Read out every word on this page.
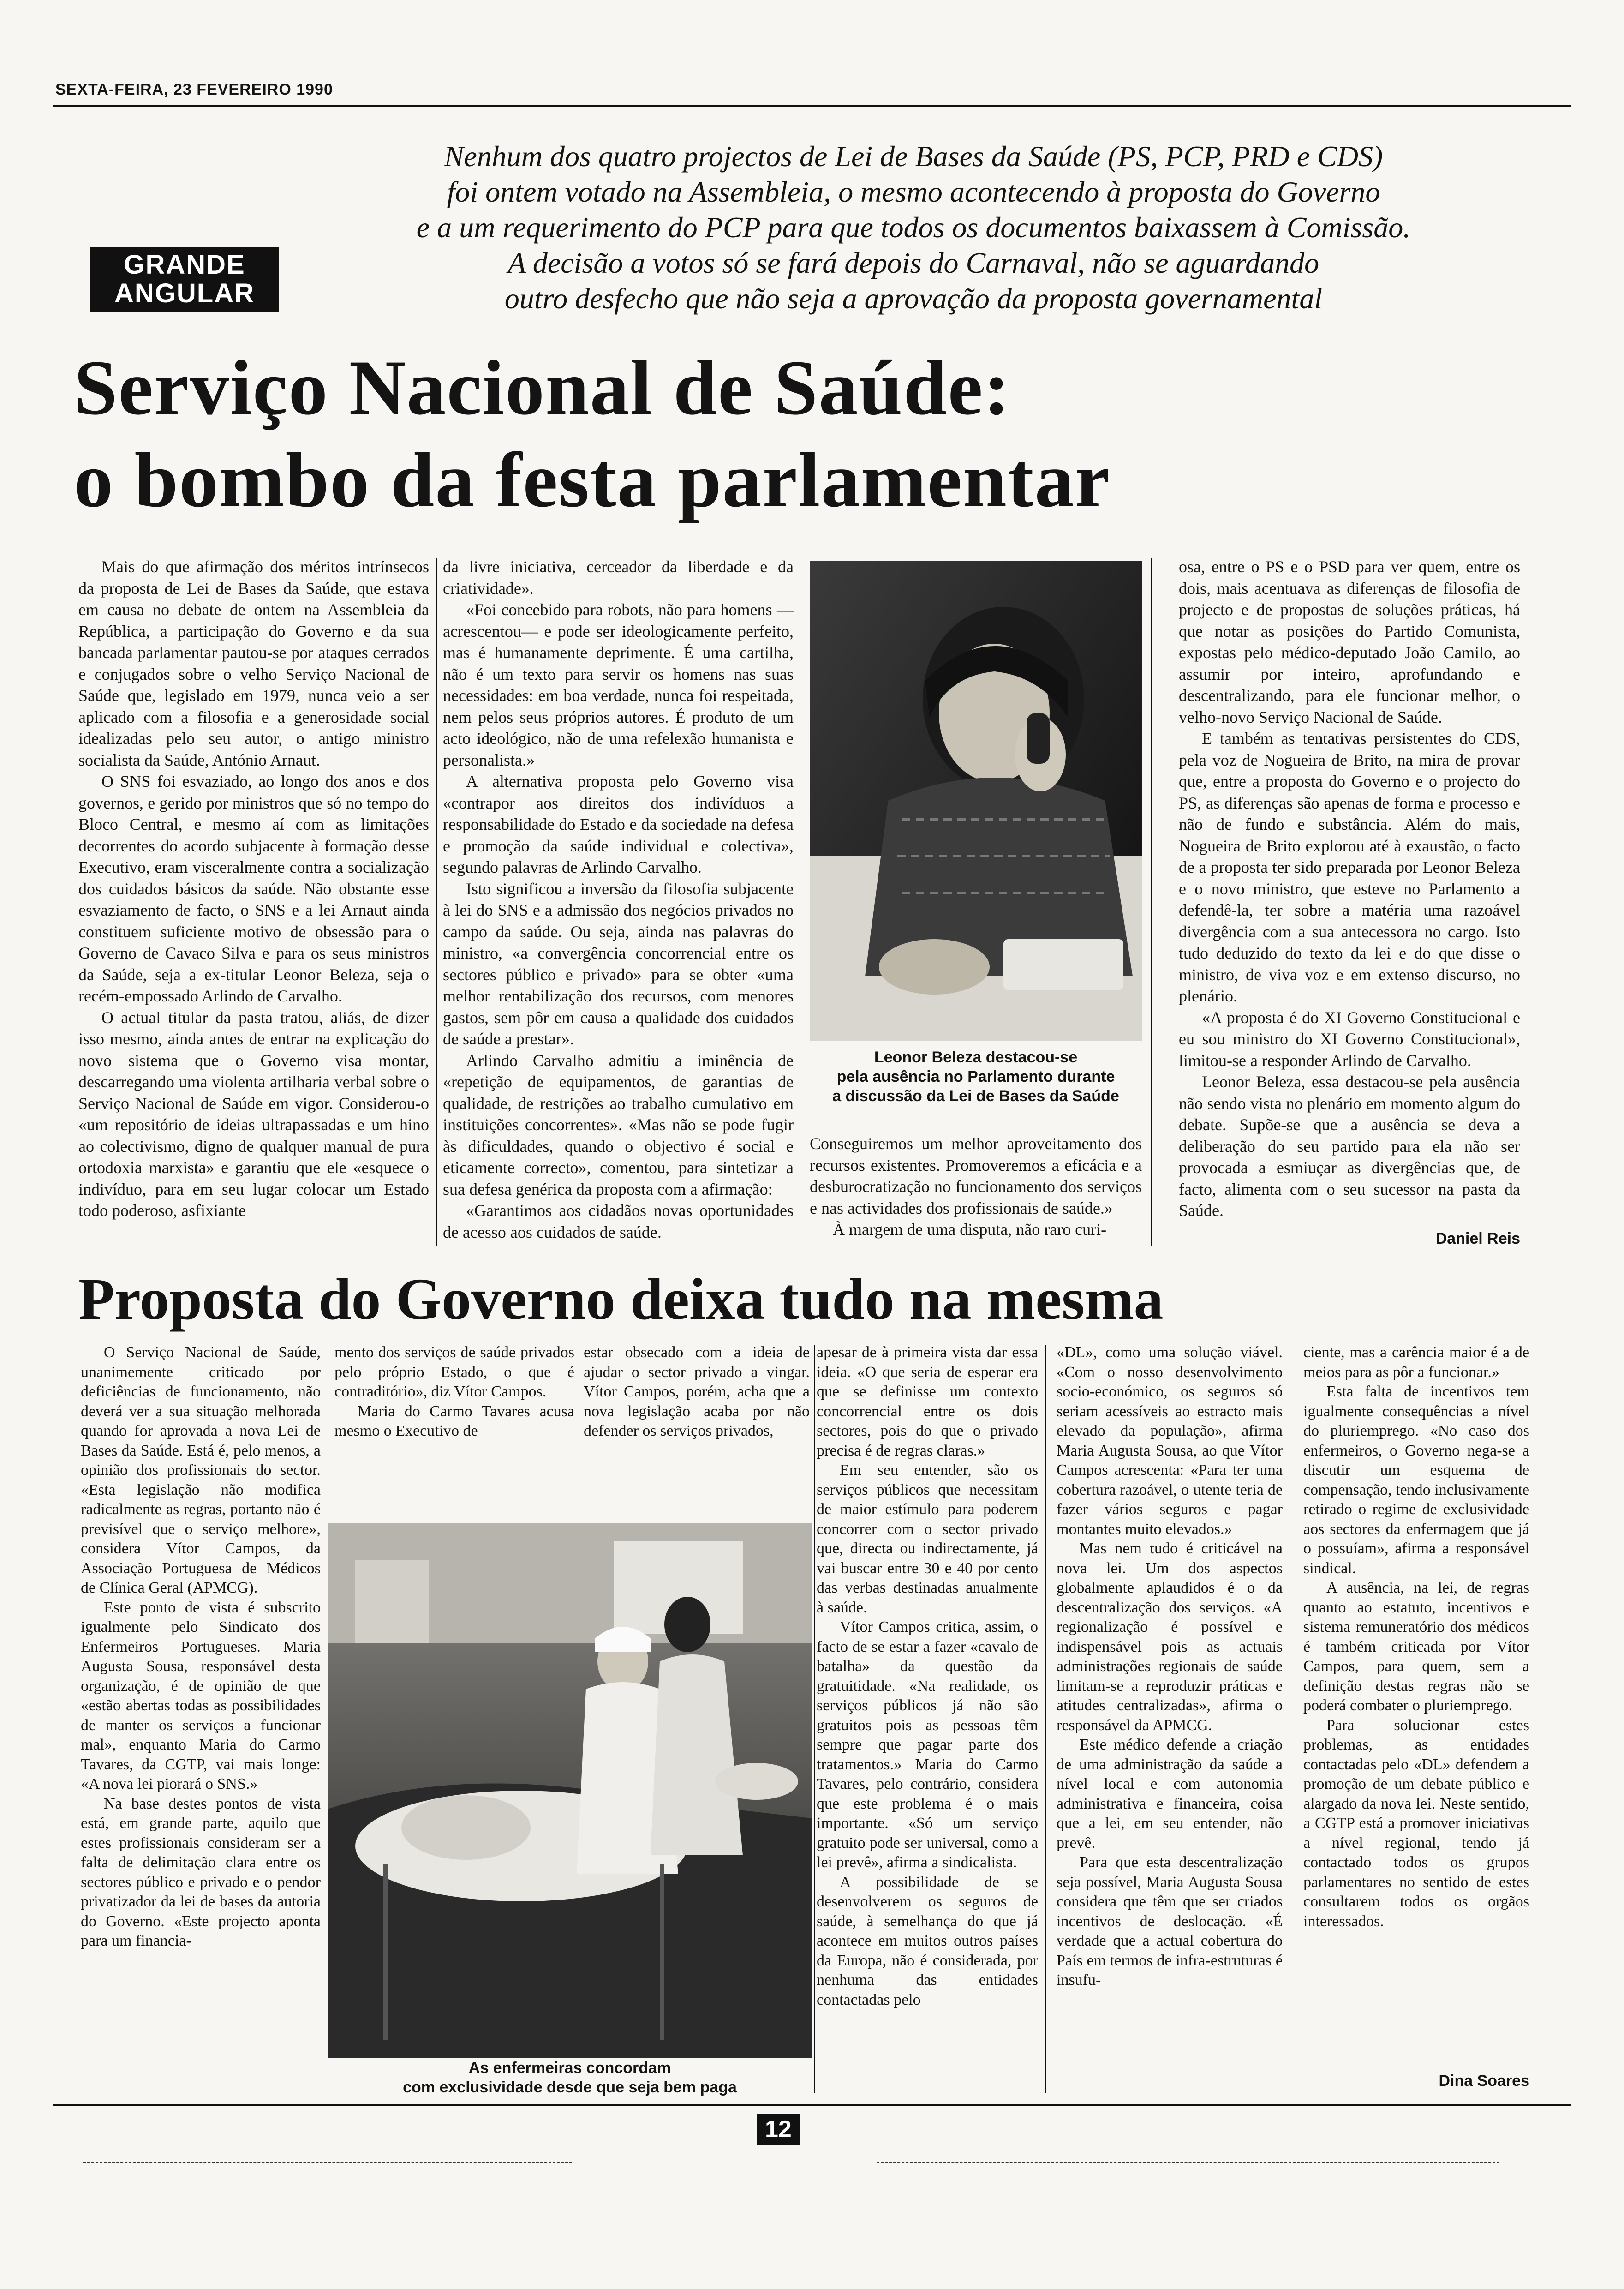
SEXTA-FEIRA, 23 FEVEREIRO 1990
GRANDE
ANGULAR
Nenhum dos quatro projectos de Lei de Bases da Saúde (PS, PCP, PRD e CDS)
foi ontem votado na Assembleia, o mesmo acontecendo à proposta do Governo
e a um requerimento do PCP para que todos os documentos baixassem à Comissão.
A decisão a votos só se fará depois do Carnaval, não se aguardando
outro desfecho que não seja a aprovação da proposta governamental
Serviço Nacional de Saúde:
o bombo da festa parlamentar

Mais do que afirmação dos méritos intrínsecos da proposta de Lei de Bases da Saúde, que estava em causa no debate de ontem na Assembleia da República, a participação do Governo e da sua bancada parlamentar pautou-se por ataques cerrados e conjugados sobre o velho Serviço Nacional de Saúde que, legislado em 1979, nunca veio a ser aplicado com a filosofia e a generosidade social idealizadas pelo seu autor, o antigo ministro socialista da Saúde, António Arnaut.

O SNS foi esvaziado, ao longo dos anos e dos governos, e gerido por ministros que só no tempo do Bloco Central, e mesmo aí com as limitações decorrentes do acordo subjacente à formação desse Executivo, eram visceralmente contra a socialização dos cuidados básicos da saúde. Não obstante esse esvaziamento de facto, o SNS e a lei Arnaut ainda constituem suficiente motivo de obsessão para o Governo de Cavaco Silva e para os seus ministros da Saúde, seja a ex-titular Leonor Beleza, seja o recém-empossado Arlindo de Carvalho.

O actual titular da pasta tratou, aliás, de dizer isso mesmo, ainda antes de entrar na explicação do novo sistema que o Governo visa montar, descarregando uma violenta artilharia verbal sobre o Serviço Nacional de Saúde em vigor. Considerou-o «um repositório de ideias ultrapassadas e um hino ao colectivismo, digno de qualquer manual de pura ortodoxia marxista» e garantiu que ele «esquece o indivíduo, para em seu lugar colocar um Estado todo poderoso, asfixiante

da livre iniciativa, cerceador da liberdade e da criatividade».

«Foi concebido para robots, não para homens —acrescentou— e pode ser ideologicamente perfeito, mas é humanamente deprimente. É uma cartilha, não é um texto para servir os homens nas suas necessidades: em boa verdade, nunca foi respeitada, nem pelos seus próprios autores. É produto de um acto ideológico, não de uma refelexão humanista e personalista.»

A alternativa proposta pelo Governo visa «contrapor aos direitos dos indivíduos a responsabilidade do Estado e da sociedade na defesa e promoção da saúde individual e colectiva», segundo palavras de Arlindo Carvalho.

Isto significou a inversão da filosofia subjacente à lei do SNS e a admissão dos negócios privados no campo da saúde. Ou seja, ainda nas palavras do ministro, «a convergência concorrencial entre os sectores público e privado» para se obter «uma melhor rentabilização dos recursos, com menores gastos, sem pôr em causa a qualidade dos cuidados de saúde a prestar».

Arlindo Carvalho admitiu a iminência de «repetição de equipamentos, de garantias de qualidade, de restrições ao trabalho cumulativo em instituições concorrentes». «Mas não se pode fugir às dificuldades, quando o objectivo é social e eticamente correcto», comentou, para sintetizar a sua defesa genérica da proposta com a afirmação:

«Garantimos aos cidadãos novas oportunidades de acesso aos cuidados de saúde.

Leonor Beleza destacou-se
pela ausência no Parlamento durante
a discussão da Lei de Bases da Saúde

Conseguiremos um melhor aproveitamento dos recursos existentes. Promoveremos a eficácia e a desburocratização no funcionamento dos serviços e nas actividades dos profissionais de saúde.»

À margem de uma disputa, não raro curi-

osa, entre o PS e o PSD para ver quem, entre os dois, mais acentuava as diferenças de filosofia de projecto e de propostas de soluções práticas, há que notar as posições do Partido Comunista, expostas pelo médico-deputado João Camilo, ao assumir por inteiro, aprofundando e descentralizando, para ele funcionar melhor, o velho-novo Serviço Nacional de Saúde.

E também as tentativas persistentes do CDS, pela voz de Nogueira de Brito, na mira de provar que, entre a proposta do Governo e o projecto do PS, as diferenças são apenas de forma e processo e não de fundo e substância. Além do mais, Nogueira de Brito explorou até à exaustão, o facto de a proposta ter sido preparada por Leonor Beleza e o novo ministro, que esteve no Parlamento a defendê-la, ter sobre a matéria uma razoável divergência com a sua antecessora no cargo. Isto tudo deduzido do texto da lei e do que disse o ministro, de viva voz e em extenso discurso, no plenário.

«A proposta é do XI Governo Constitucional e eu sou ministro do XI Governo Constitucional», limitou-se a responder Arlindo de Carvalho.

Leonor Beleza, essa destacou-se pela ausência não sendo vista no plenário em momento algum do debate. Supõe-se que a ausência se deva a deliberação do seu partido para ela não ser provocada a esmiuçar as divergências que, de facto, alimenta com o seu sucessor na pasta da Saúde.

Daniel Reis
Proposta do Governo deixa tudo na mesma

O Serviço Nacional de Saúde, unanimemente criticado por deficiências de funcionamento, não deverá ver a sua situação melhorada quando for aprovada a nova Lei de Bases da Saúde. Está é, pelo menos, a opinião dos profissionais do sector. «Esta legislação não modifica radicalmente as regras, portanto não é previsível que o serviço melhore», considera Vítor Campos, da Associação Portuguesa de Médicos de Clínica Geral (APMCG).

Este ponto de vista é subscrito igualmente pelo Sindicato dos Enfermeiros Portugueses. Maria Augusta Sousa, responsável desta organização, é de opinião de que «estão abertas todas as possibilidades de manter os serviços a funcionar mal», enquanto Maria do Carmo Tavares, da CGTP, vai mais longe: «A nova lei piorará o SNS.»

Na base destes pontos de vista está, em grande parte, aquilo que estes profissionais consideram ser a falta de delimitação clara entre os sectores público e privado e o pendor privatizador da lei de bases da autoria do Governo. «Este projecto aponta para um financia-

mento dos serviços de saúde privados pelo próprio Estado, o que é contraditório», diz Vítor Campos.

Maria do Carmo Tavares acusa mesmo o Executivo de

estar obsecado com a ideia de ajudar o sector privado a vingar. Vítor Campos, porém, acha que a nova legislação acaba por não defender os serviços privados,

As enfermeiras concordam
com exclusividade desde que seja bem paga

apesar de à primeira vista dar essa ideia. «O que seria de esperar era que se definisse um contexto concorrencial entre os dois sectores, pois do que o privado precisa é de regras claras.»

Em seu entender, são os serviços públicos que necessitam de maior estímulo para poderem concorrer com o sector privado que, directa ou indirectamente, já vai buscar entre 30 e 40 por cento das verbas destinadas anualmente à saúde.

Vítor Campos critica, assim, o facto de se estar a fazer «cavalo de batalha» da questão da gratuitidade. «Na realidade, os serviços públicos já não são gratuitos pois as pessoas têm sempre que pagar parte dos tratamentos.» Maria do Carmo Tavares, pelo contrário, considera que este problema é o mais importante. «Só um serviço gratuito pode ser universal, como a lei prevê», afirma a sindicalista.

A possibilidade de se desenvolverem os seguros de saúde, à semelhança do que já acontece em muitos outros países da Europa, não é considerada, por nenhuma das entidades contactadas pelo

«DL», como uma solução viável. «Com o nosso desenvolvimento socio-económico, os seguros só seriam acessíveis ao estracto mais elevado da população», afirma Maria Augusta Sousa, ao que Vítor Campos acrescenta: «Para ter uma cobertura razoável, o utente teria de fazer vários seguros e pagar montantes muito elevados.»

Mas nem tudo é criticável na nova lei. Um dos aspectos globalmente aplaudidos é o da descentralização dos serviços. «A regionalização é possível e indispensável pois as actuais administrações regionais de saúde limitam-se a reproduzir práticas e atitudes centralizadas», afirma o responsável da APMCG.

Este médico defende a criação de uma administração da saúde a nível local e com autonomia administrativa e financeira, coisa que a lei, em seu entender, não prevê.

Para que esta descentralização seja possível, Maria Augusta Sousa considera que têm que ser criados incentivos de deslocação. «É verdade que a actual cobertura do País em termos de infra-estruturas é insufu-

ciente, mas a carência maior é a de meios para as pôr a funcionar.»

Esta falta de incentivos tem igualmente consequências a nível do pluriemprego. «No caso dos enfermeiros, o Governo nega-se a discutir um esquema de compensação, tendo inclusivamente retirado o regime de exclusividade aos sectores da enfermagem que já o possuíam», afirma a responsável sindical.

A ausência, na lei, de regras quanto ao estatuto, incentivos e sistema remuneratório dos médicos é também criticada por Vítor Campos, para quem, sem a definição destas regras não se poderá combater o pluriemprego.

Para solucionar estes problemas, as entidades contactadas pelo «DL» defendem a promoção de um debate público e alargado da nova lei. Neste sentido, a CGTP está a promover iniciativas a nível regional, tendo já contactado todos os grupos parlamentares no sentido de estes consultarem todos os orgãos interessados.

Dina Soares
12
